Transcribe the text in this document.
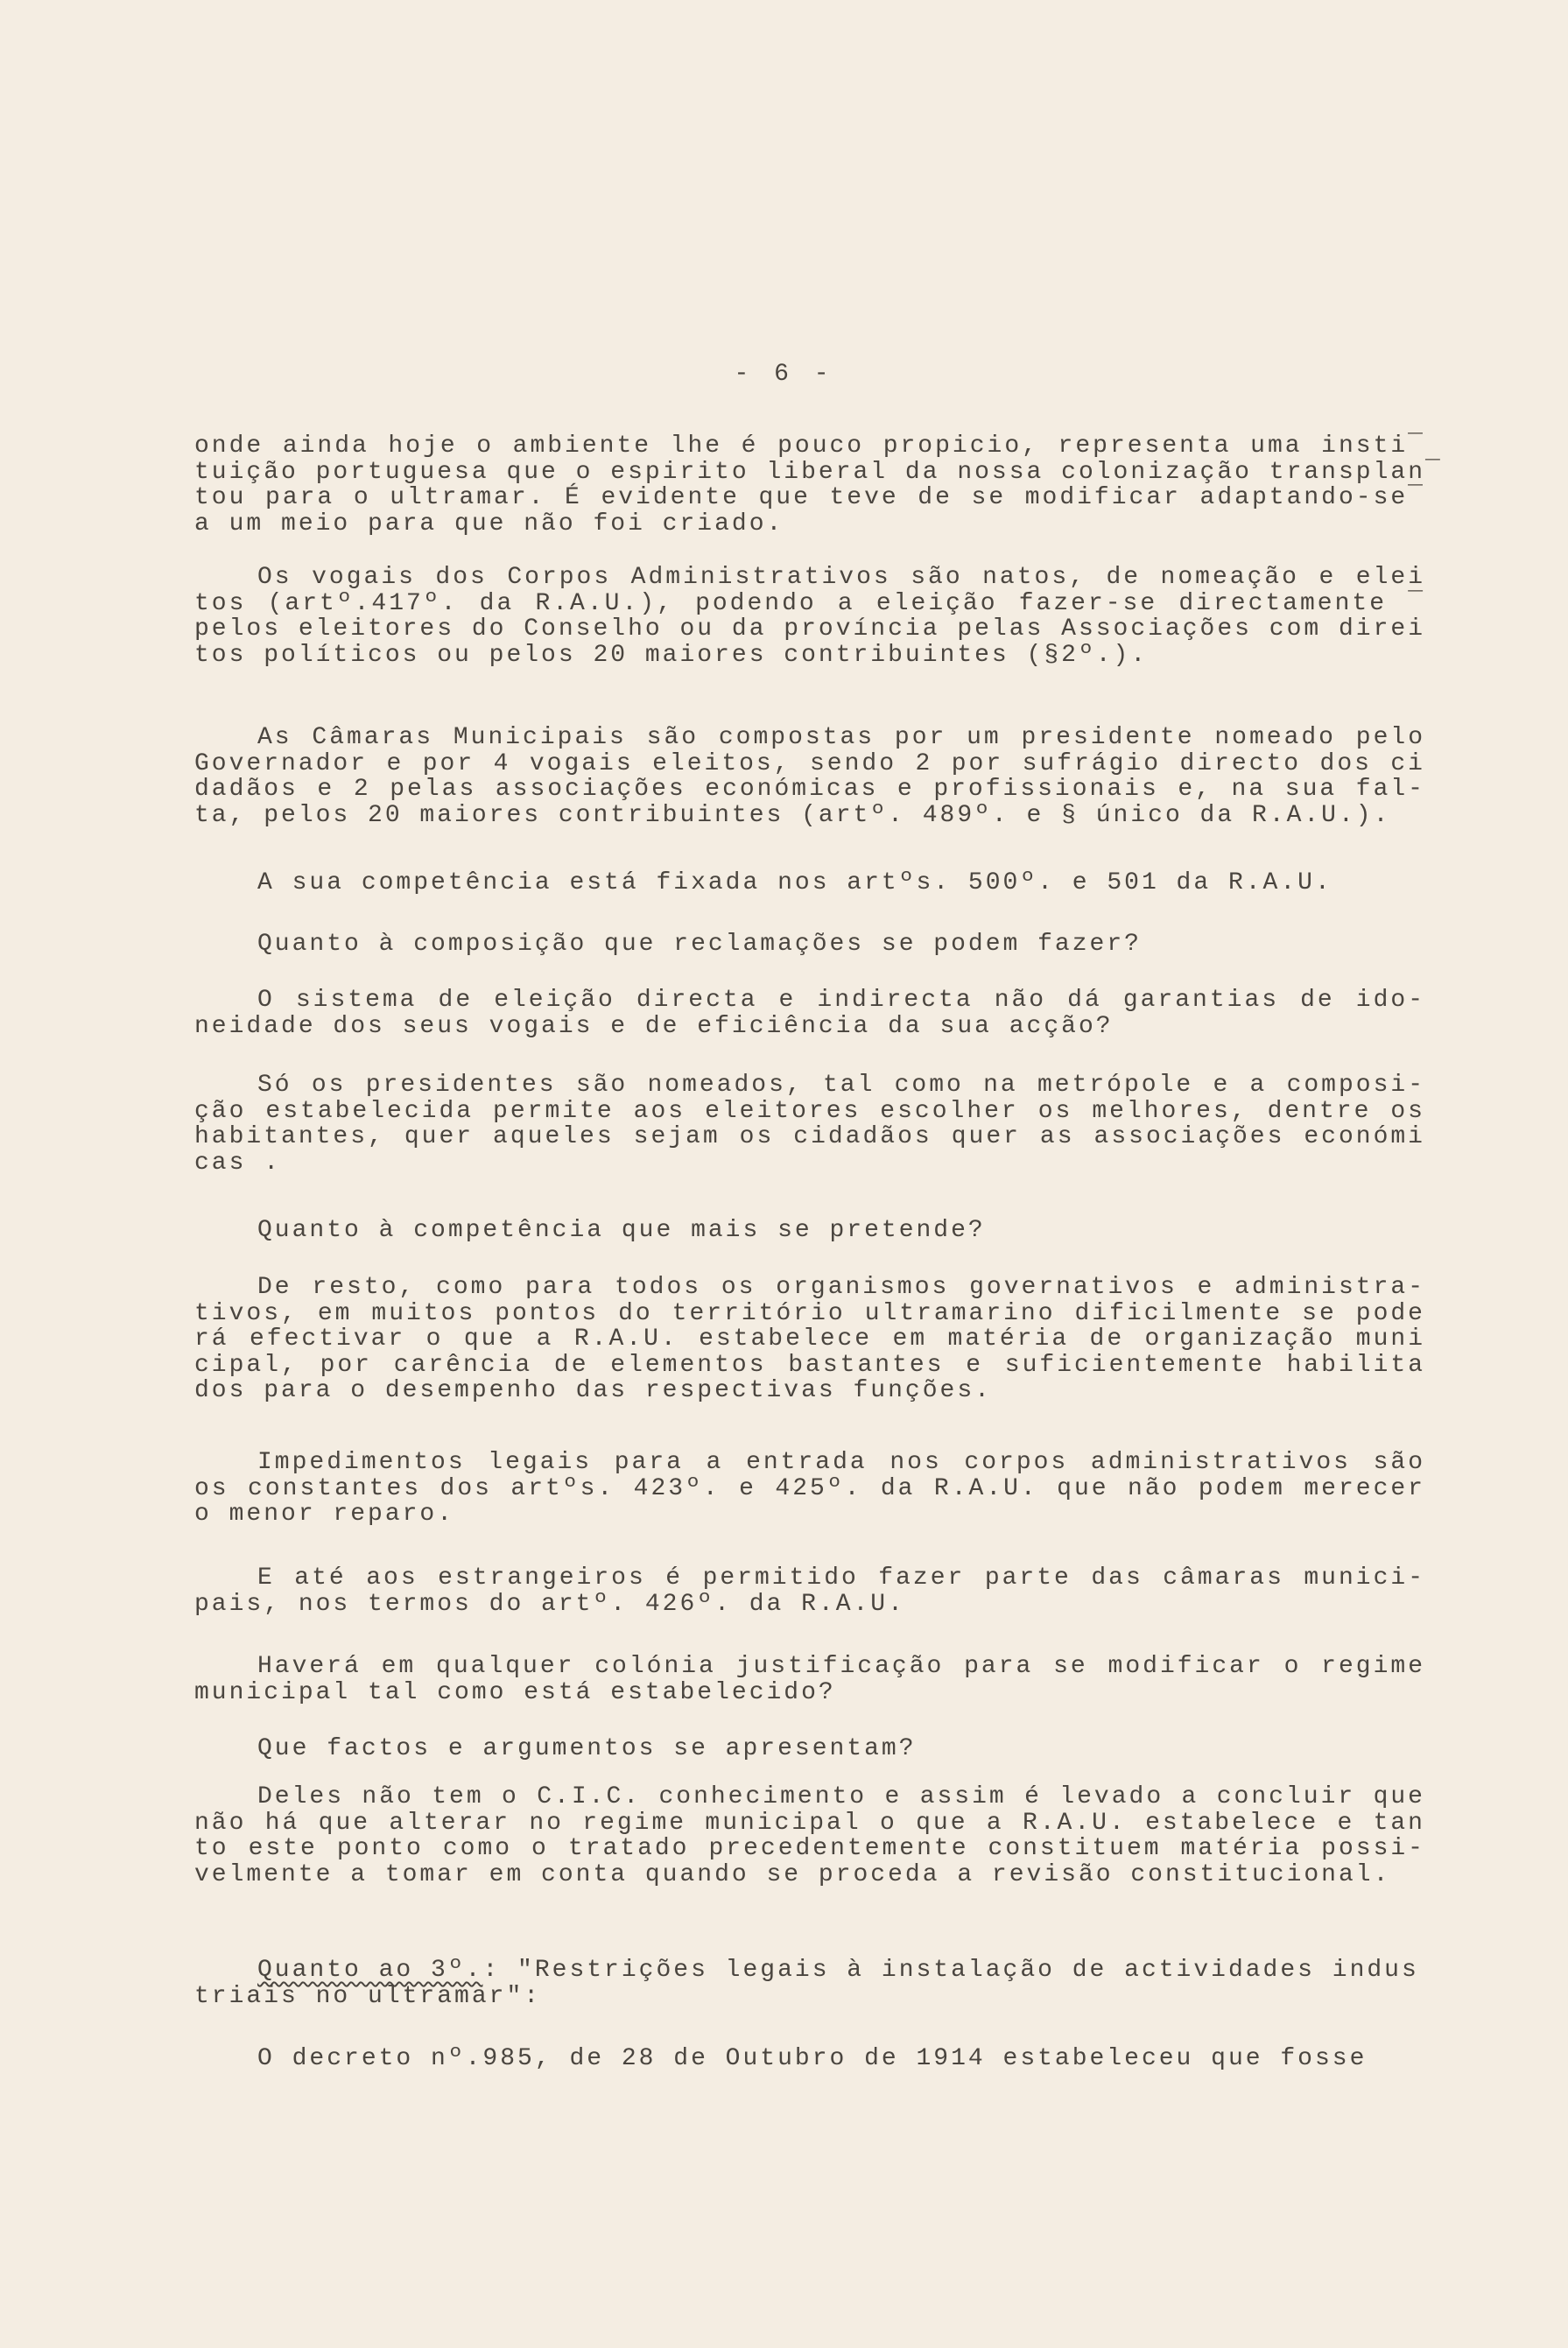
- 6 -
onde ainda hoje o ambiente lhe é pouco propicio, representa uma insti¯
tuição portuguesa que o espirito liberal da nossa colonização transplan¯
tou para o ultramar. É evidente que teve de se modificar adaptando-se¯
a um meio para que não foi criado.
Os vogais dos Corpos Administrativos são natos, de nomeação e elei
tos (artº.417º. da R.A.U.), podendo a eleição fazer-se directamente ¯
pelos eleitores do Conselho ou da província pelas Associações com direi
tos políticos ou pelos 20 maiores contribuintes (§2º.).
As Câmaras Municipais são compostas por um presidente nomeado pelo
Governador e por 4 vogais eleitos, sendo 2 por sufrágio directo dos ci
dadãos e 2 pelas associações económicas e profissionais e, na sua fal-
ta, pelos 20 maiores contribuintes (artº. 489º. e § único da R.A.U.).
A sua competência está fixada nos artºs. 500º. e 501 da R.A.U.
Quanto à composição que reclamações se podem fazer?
O sistema de eleição directa e indirecta não dá garantias de ido-
neidade dos seus vogais e de eficiência da sua acção?
Só os presidentes são nomeados, tal como na metrópole e a composi-
ção estabelecida permite aos eleitores escolher os melhores, dentre os
habitantes, quer aqueles sejam os cidadãos quer as associações económi
cas .
Quanto à competência que mais se pretende?
De resto, como para todos os organismos governativos e administra-
tivos, em muitos pontos do território ultramarino dificilmente se pode
rá efectivar o que a R.A.U. estabelece em matéria de organização muni
cipal, por carência de elementos bastantes e suficientemente habilita
dos para o desempenho das respectivas funções.
Impedimentos legais para a entrada nos corpos administrativos são
os constantes dos artºs. 423º. e 425º. da R.A.U. que não podem merecer
o menor reparo.
E até aos estrangeiros é permitido fazer parte das câmaras munici-
pais, nos termos do artº. 426º. da R.A.U.
Haverá em qualquer colónia justificação para se modificar o regime
municipal tal como está estabelecido?
Que factos e argumentos se apresentam?
Deles não tem o C.I.C. conhecimento e assim é levado a concluir que
não há que alterar no regime municipal o que a R.A.U. estabelece e tan
to este ponto como o tratado precedentemente constituem matéria possi-
velmente a tomar em conta quando se proceda a revisão constitucional.
Quanto ao 3º.: "Restrições legais à instalação de actividades indus
triais no ultramar":
O decreto nº.985, de 28 de Outubro de 1914 estabeleceu que fosse
